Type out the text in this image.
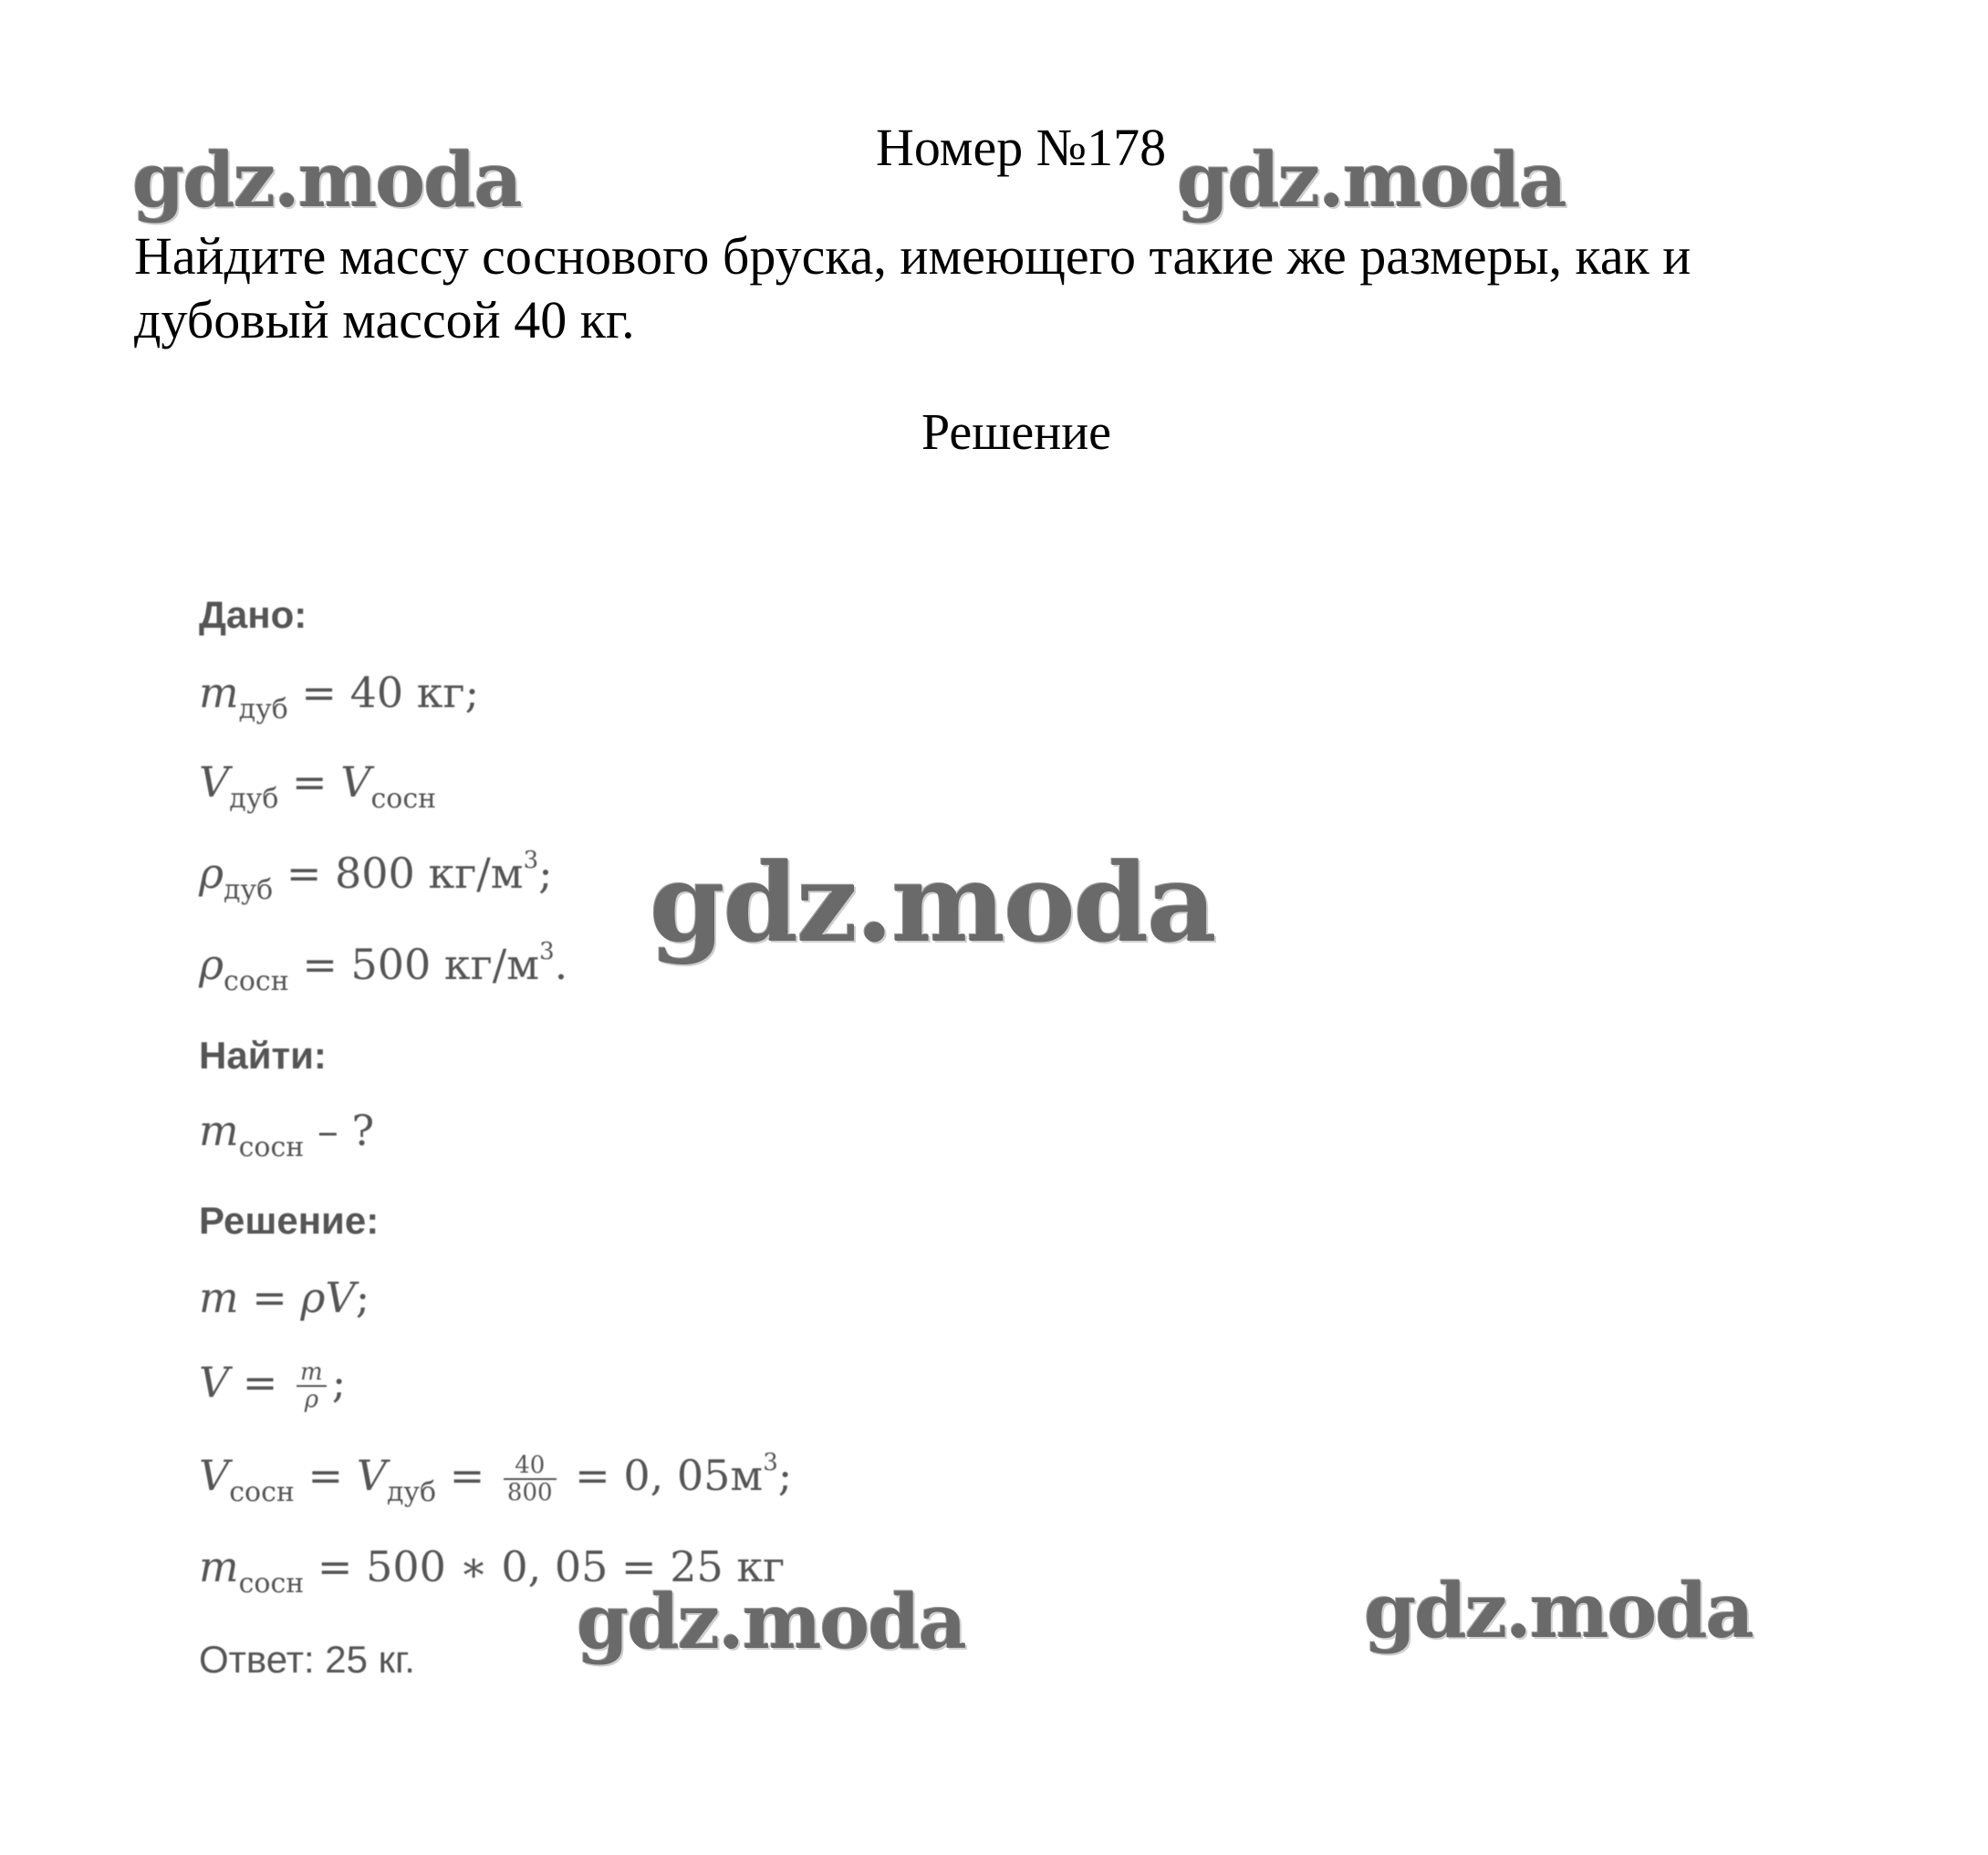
Номер №178
Найдите массу соснового бруска, имеющего такие же размеры, как и
дубовый массой 40 кг.
Решение
Дано:
$m_{дуб} = 40$ кг;
$V_{дуб} = V_{сосн}$
$\rho_{дуб} = 800$ $кг/м^3$;
$\rho_{сосн} = 500$ $кг/м^3$.
Найти:
$m_{сосн}$ – ?
Решение:
m = ρV;
$V = \frac{m}{\rho}$ ;
$V_{сосн} = V_{дуб} = \frac{40}{800} = 0$, $05м^3$;
$m_{сосн} = 500$ ∗ 0, 05 = 25 кг
Ответ: 25 кг.
gdz.moda	gdz.moda
gdz.moda
gdz.moda	gdz.moda
